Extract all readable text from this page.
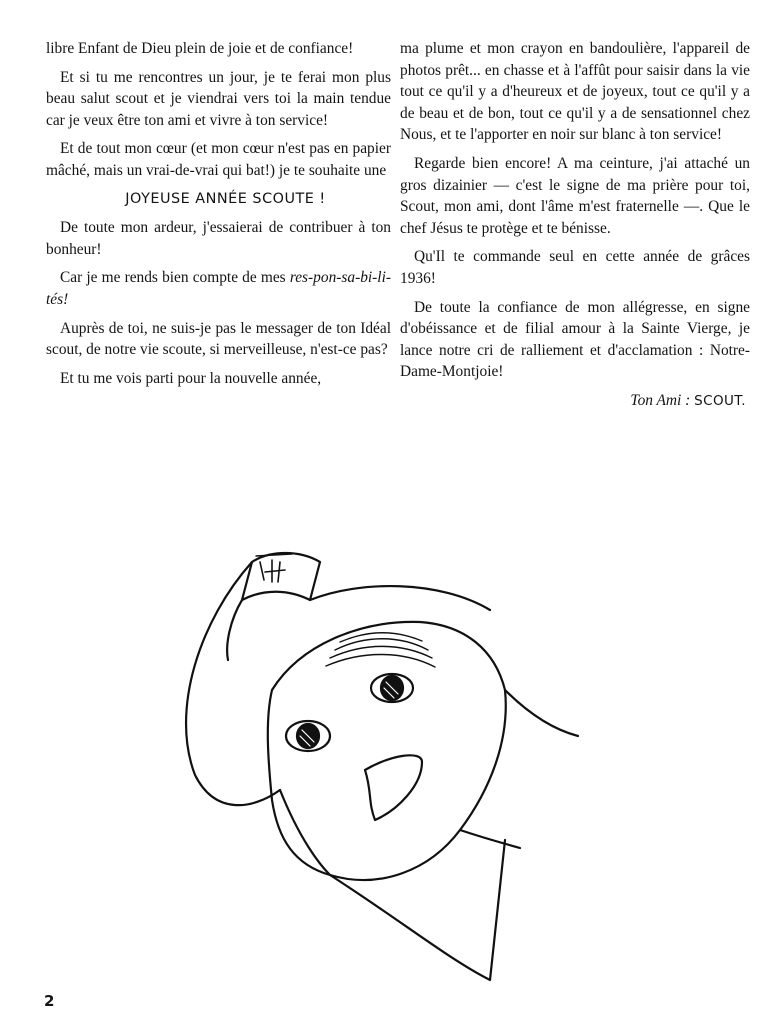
libre Enfant de Dieu plein de joie et de confiance!

Et si tu me rencontres un jour, je te ferai mon plus beau salut scout et je viendrai vers toi la main tendue car je veux être ton ami et vivre à ton service!

Et de tout mon cœur (et mon cœur n'est pas en papier mâché, mais un vrai-de-vrai qui bat!) je te souhaite une

JOYEUSE ANNÉE SCOUTE !

De toute mon ardeur, j'essaierai de contribuer à ton bonheur!

Car je me rends bien compte de mes res-pon-sa-bi-li-tés!

Auprès de toi, ne suis-je pas le messager de ton Idéal scout, de notre vie scoute, si merveilleuse, n'est-ce pas?

Et tu me vois parti pour la nouvelle année,

ma plume et mon crayon en bandoulière, l'appareil de photos prêt... en chasse et à l'affût pour saisir dans la vie tout ce qu'il y a d'heureux et de joyeux, tout ce qu'il y a de beau et de bon, tout ce qu'il y a de sensationnel chez Nous, et te l'apporter en noir sur blanc à ton service!

Regarde bien encore! A ma ceinture, j'ai attaché un gros dizainier — c'est le signe de ma prière pour toi, Scout, mon ami, dont l'âme m'est fraternelle —. Que le chef Jésus te protège et te bénisse.

Qu'Il te commande seul en cette année de grâces 1936!

De toute la confiance de mon allégresse, en signe d'obéissance et de filial amour à la Sainte Vierge, je lance notre cri de ralliement et d'acclamation : Notre-Dame-Montjoie!

Ton Ami : SCOUT.

2
